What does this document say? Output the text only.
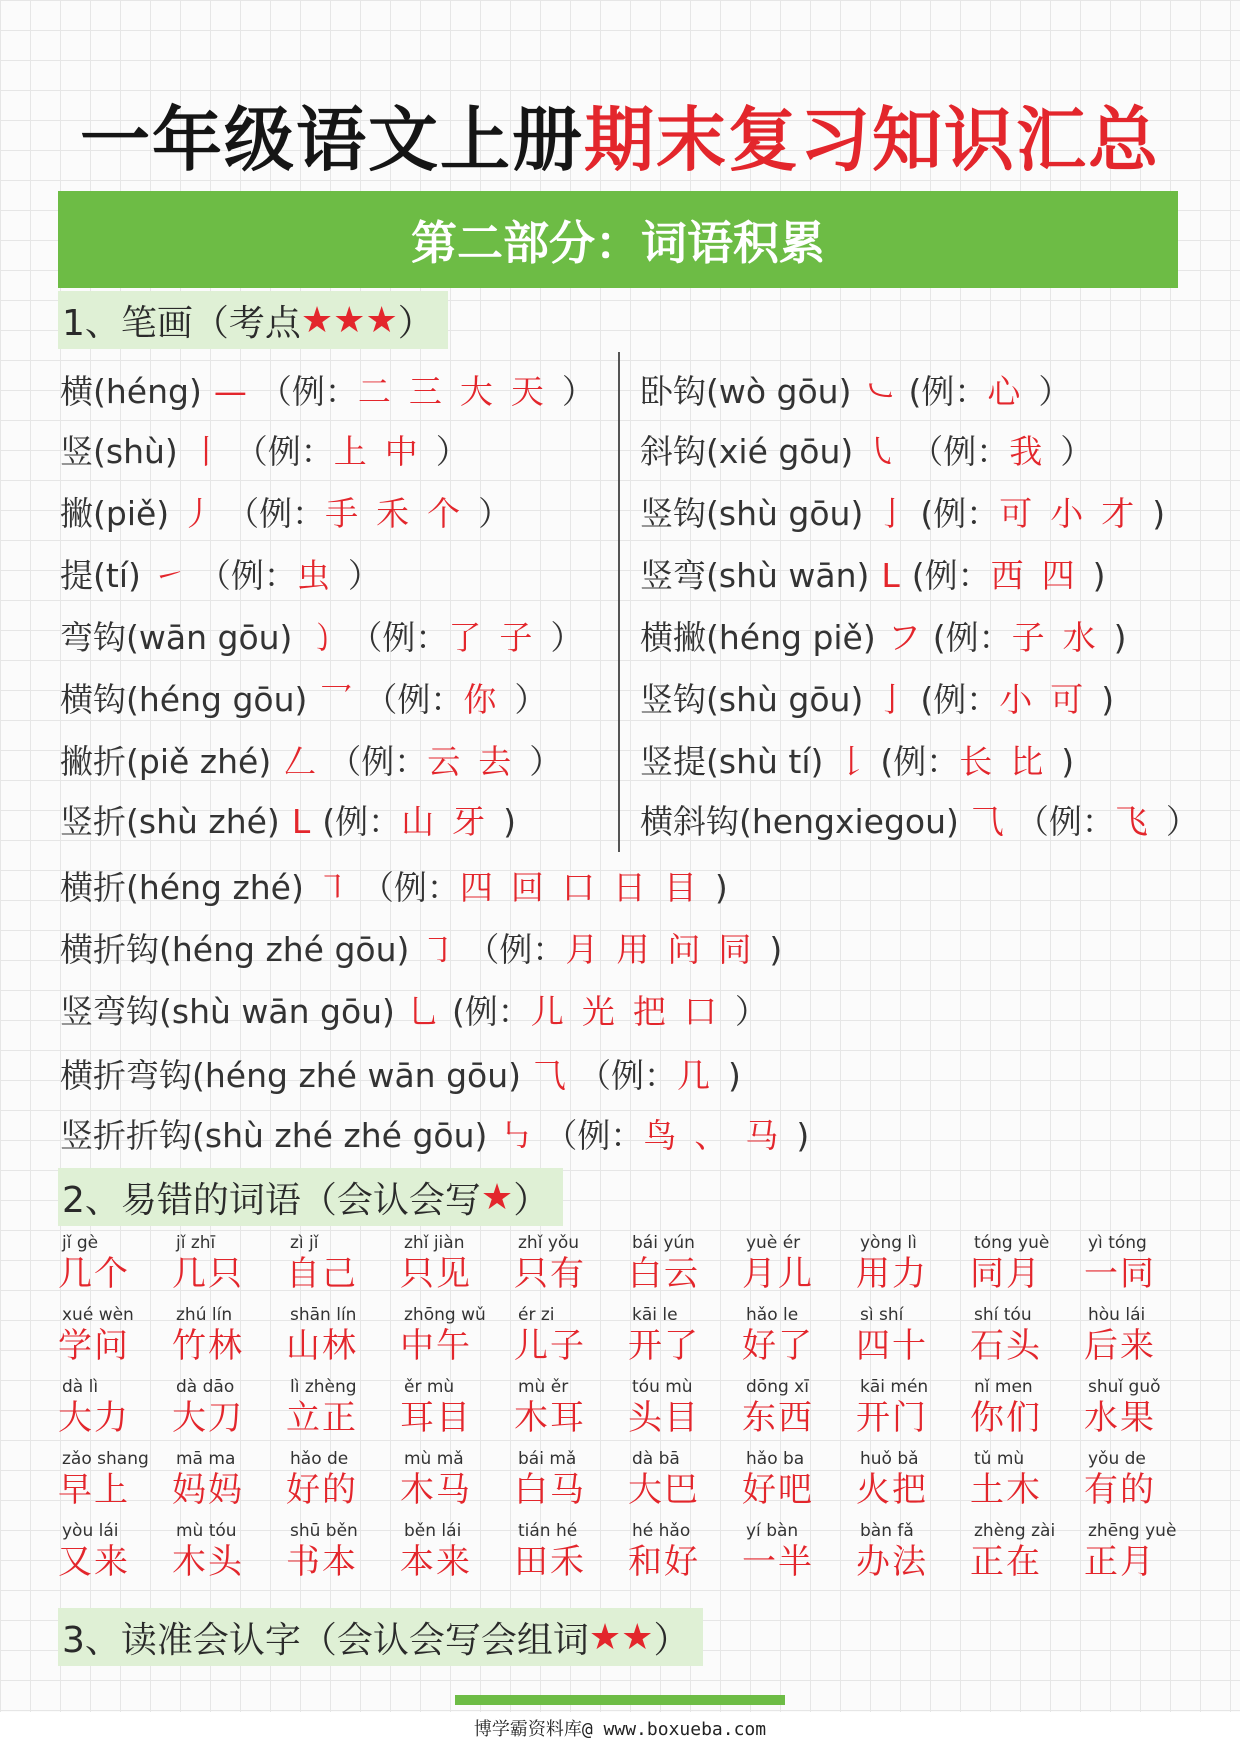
一年级语文上册期末复习知识汇总
第二部分：词语积累
1、笔画（考点 ★★★ ）
横(héng) — （例：二三大天）
竖(shù) 丨 （例：上中）
撇(piě) 丿 （例：手禾个）
提(tí) ㇀ （例：虫）
弯钩(wān gōu) ㇁ （例：了子）
横钩(héng gōu) 乛 （例：你）
撇折(piě zhé) 𠃋 （例：云去）
竖折(shù zhé) L (例：山牙)
卧钩(wò gōu) ㇃ (例：心）
斜钩(xié gōu) ㇂ （例：我）
竖钩(shù gōu) 亅 (例：可小才)
竖弯(shù wān) L (例：西四)
横撇(héng piě) フ (例：子水)
竖钩(shù gōu) 亅 (例：小可)
竖提(shù tí) 𠄌 (例：长比)
横斜钩(hengxiegou) ⺄ （例：飞）
横折(héng zhé) ㇕ （例：四回口日目)
横折钩(héng zhé gōu) ㇆ （例：月用问同)
竖弯钩(shù wān gōu) 乚 (例：儿光把口）
横折弯钩(héng zhé wān gōu) ⺄ （例：几)
竖折折钩(shù zhé zhé gōu) ㇉ （例：鸟、马)
2、易错的词语（会认会写 ★ ）
jǐ gè
几个
jǐ zhī
几只
zì jǐ
自己
zhǐ jiàn
只见
zhǐ yǒu
只有
bái yún
白云
yuè ér
月儿
yòng lì
用力
tóng yuè
同月
yì tóng
一同
xué wèn
学问
zhú lín
竹林
shān lín
山林
zhōng wǔ
中午
ér zi
儿子
kāi le
开了
hǎo le
好了
sì shí
四十
shí tóu
石头
hòu lái
后来
dà lì
大力
dà dāo
大刀
lì zhèng
立正
ěr mù
耳目
mù ěr
木耳
tóu mù
头目
dōng xī
东西
kāi mén
开门
nǐ men
你们
shuǐ guǒ
水果
zǎo shang
早上
mā ma
妈妈
hǎo de
好的
mù mǎ
木马
bái mǎ
白马
dà bā
大巴
hǎo ba
好吧
huǒ bǎ
火把
tǔ mù
土木
yǒu de
有的
yòu lái
又来
mù tóu
木头
shū běn
书本
běn lái
本来
tián hé
田禾
hé hǎo
和好
yí bàn
一半
bàn fǎ
办法
zhèng zài
正在
zhēng yuè
正月
3、读准会认字（会认会写会组词 ★★ ）
博学霸资料库@ www.boxueba.com
